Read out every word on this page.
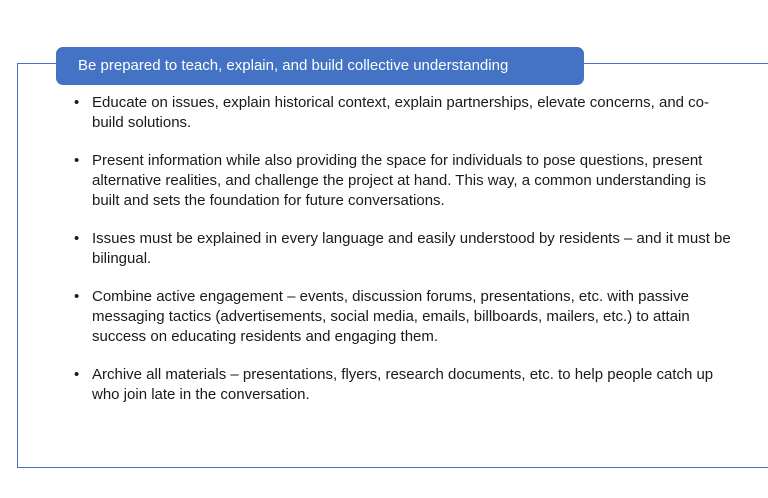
Be prepared to teach, explain, and build collective understanding
• Educate on issues, explain historical context, explain partnerships, elevate concerns, and co-build solutions.
• Present information while also providing the space for individuals to pose questions, present alternative realities, and challenge the project at hand. This way, a common understanding is built and sets the foundation for future conversations.
• Issues must be explained in every language and easily understood by residents – and it must be bilingual.
• Combine active engagement – events, discussion forums, presentations, etc. with passive messaging tactics (advertisements, social media, emails, billboards, mailers, etc.) to attain success on educating residents and engaging them.
• Archive all materials – presentations, flyers, research documents, etc. to help people catch up who join late in the conversation.
